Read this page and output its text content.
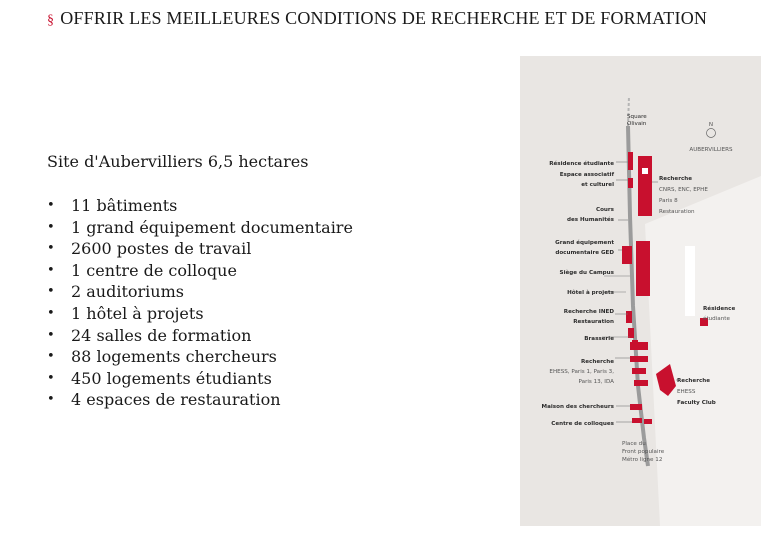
§ OFFRIR LES MEILLEURES CONDITIONS DE RECHERCHE ET DE FORMATION
Site d'Aubervilliers 6,5 hectares
• 11 bâtiments
• 1 grand équipement documentaire
• 2600 postes de travail
• 1 centre de colloque
• 2 auditoriums
• 1 hôtel à projets
• 24 salles de formation
• 88 logements chercheurs
• 450 logements étudiants
• 4 espaces de restauration
N
AUBERVILLIERS
Square
Olivain
Résidence étudiante
Espace associatif
et culturel
Cours
des Humanités
Grand équipement
documentaire GED
Siège du Campus
Hôtel à projets
Recherche INED
Restauration
Brasserie
Recherche
EHESS, Paris 1, Paris 3,
Paris 13, IDA
Maison des chercheurs
Centre de colloques
Recherche
CNRS, ENC, EPHE
Paris 8
Restauration
Résidence
étudiante
Recherche
EHESS
Faculty Club
Place du
Front populaire
Métro ligne 12
